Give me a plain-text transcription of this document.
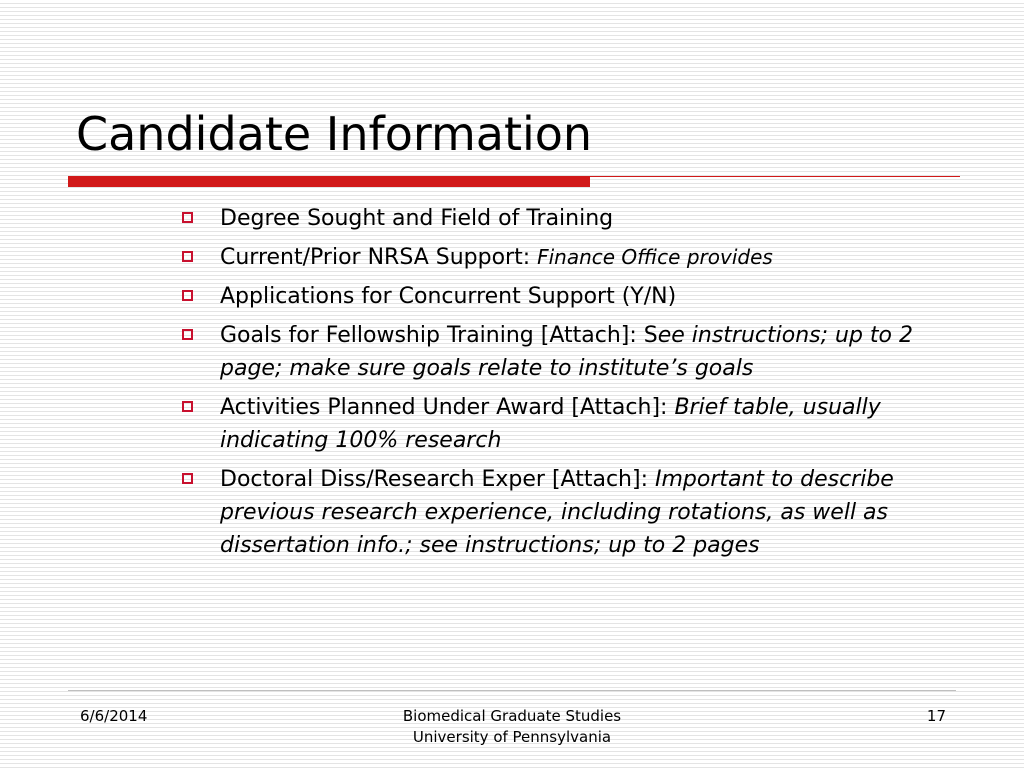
Candidate Information
Degree Sought and Field of Training
Current/Prior NRSA Support: Finance Office provides
Applications for Concurrent Support (Y/N)
Goals for Fellowship Training [Attach]: See instructions; up to 2 page; make sure goals relate to institute’s goals
Activities Planned Under Award [Attach]: Brief table, usually indicating 100% research
Doctoral Diss/Research Exper [Attach]: Important to describe previous research experience, including rotations, as well as dissertation info.; see instructions; up to 2 pages
6/6/2014	Biomedical Graduate Studies
University of Pennsylvania
17
